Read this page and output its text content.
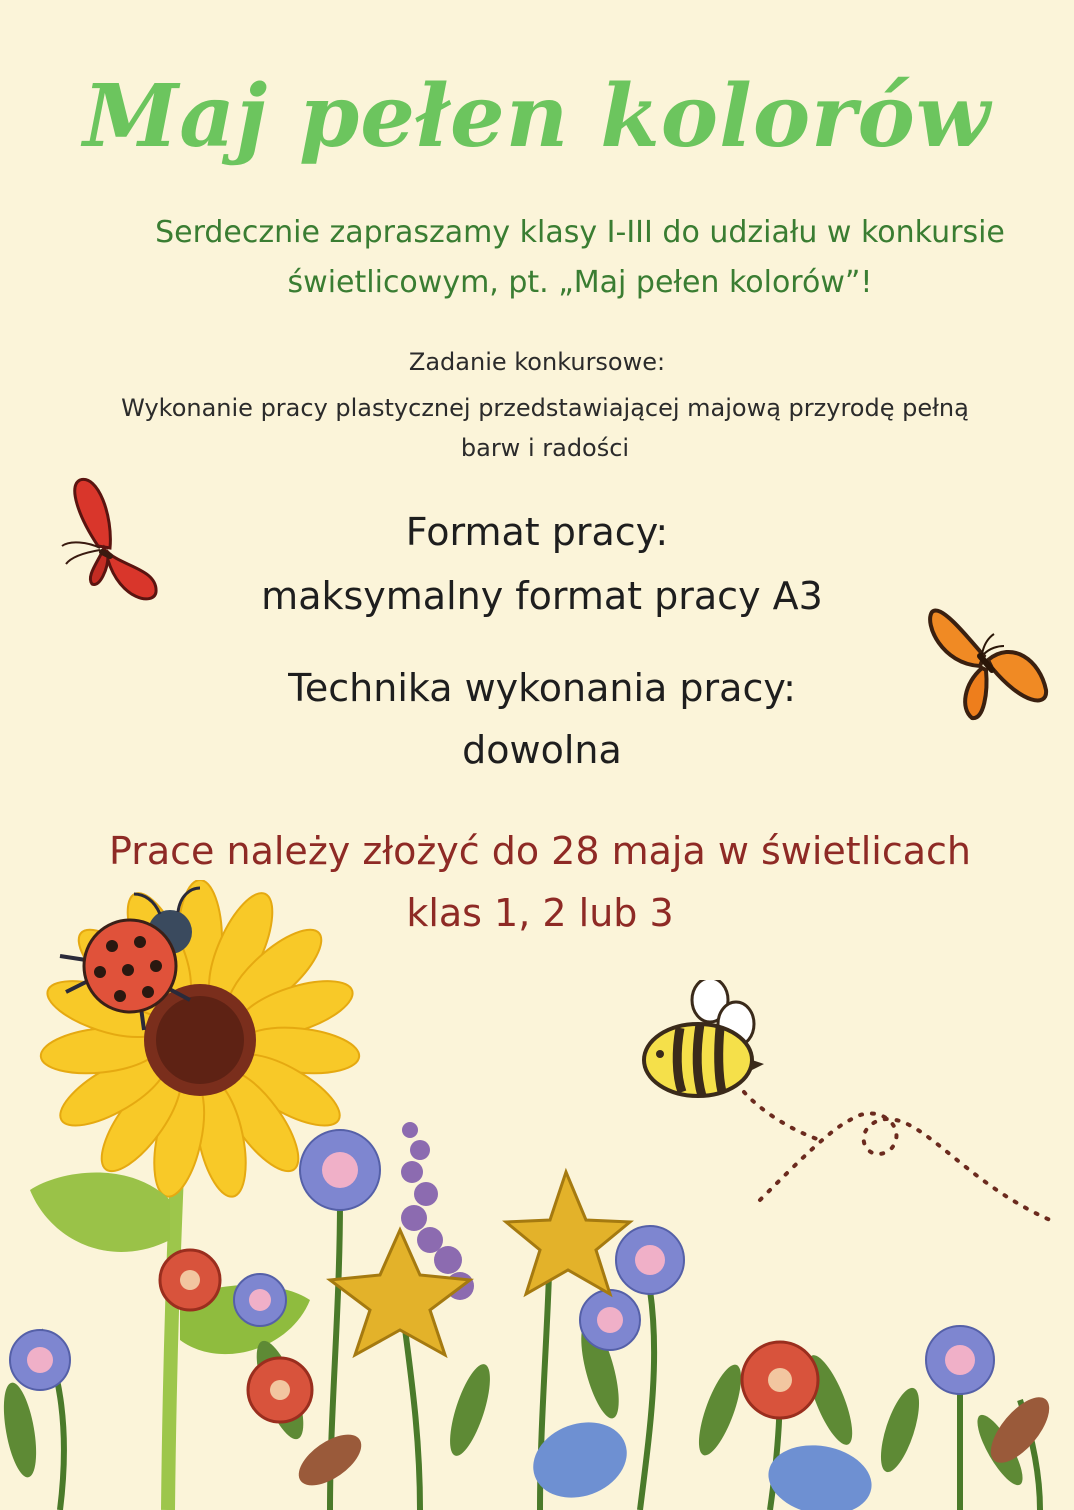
Maj pełen kolorów
Serdecznie zapraszamy klasy I-III do udziału w konkursie
świetlicowym, pt. „Maj pełen kolorów”!
Zadanie konkursowe:
Wykonanie pracy plastycznej przedstawiającej majową przyrodę pełną
barw i radości
Format pracy:
maksymalny format pracy A3
Technika wykonania pracy:
dowolna
Prace należy złożyć do 28 maja w świetlicach
klas 1, 2 lub 3
